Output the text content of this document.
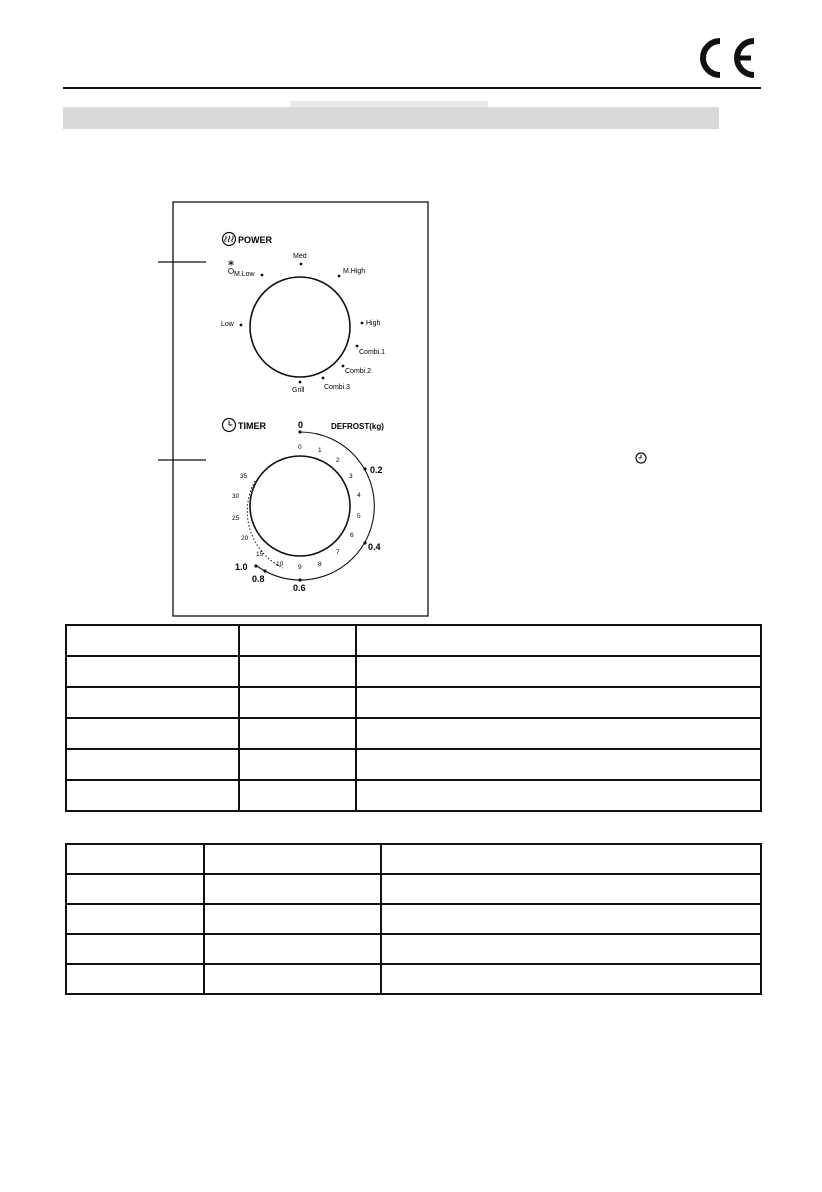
POWER
Low
M.Low
Med
M.High
High
Combi.1
Combi.2
Combi.3
Grill
TIMER	DEFROST(kg)
0
0	1
2
3
4
5
6
7
8
9
10
15
20
25
30
35
0.2
0.4
0.6
0.8
1.0
